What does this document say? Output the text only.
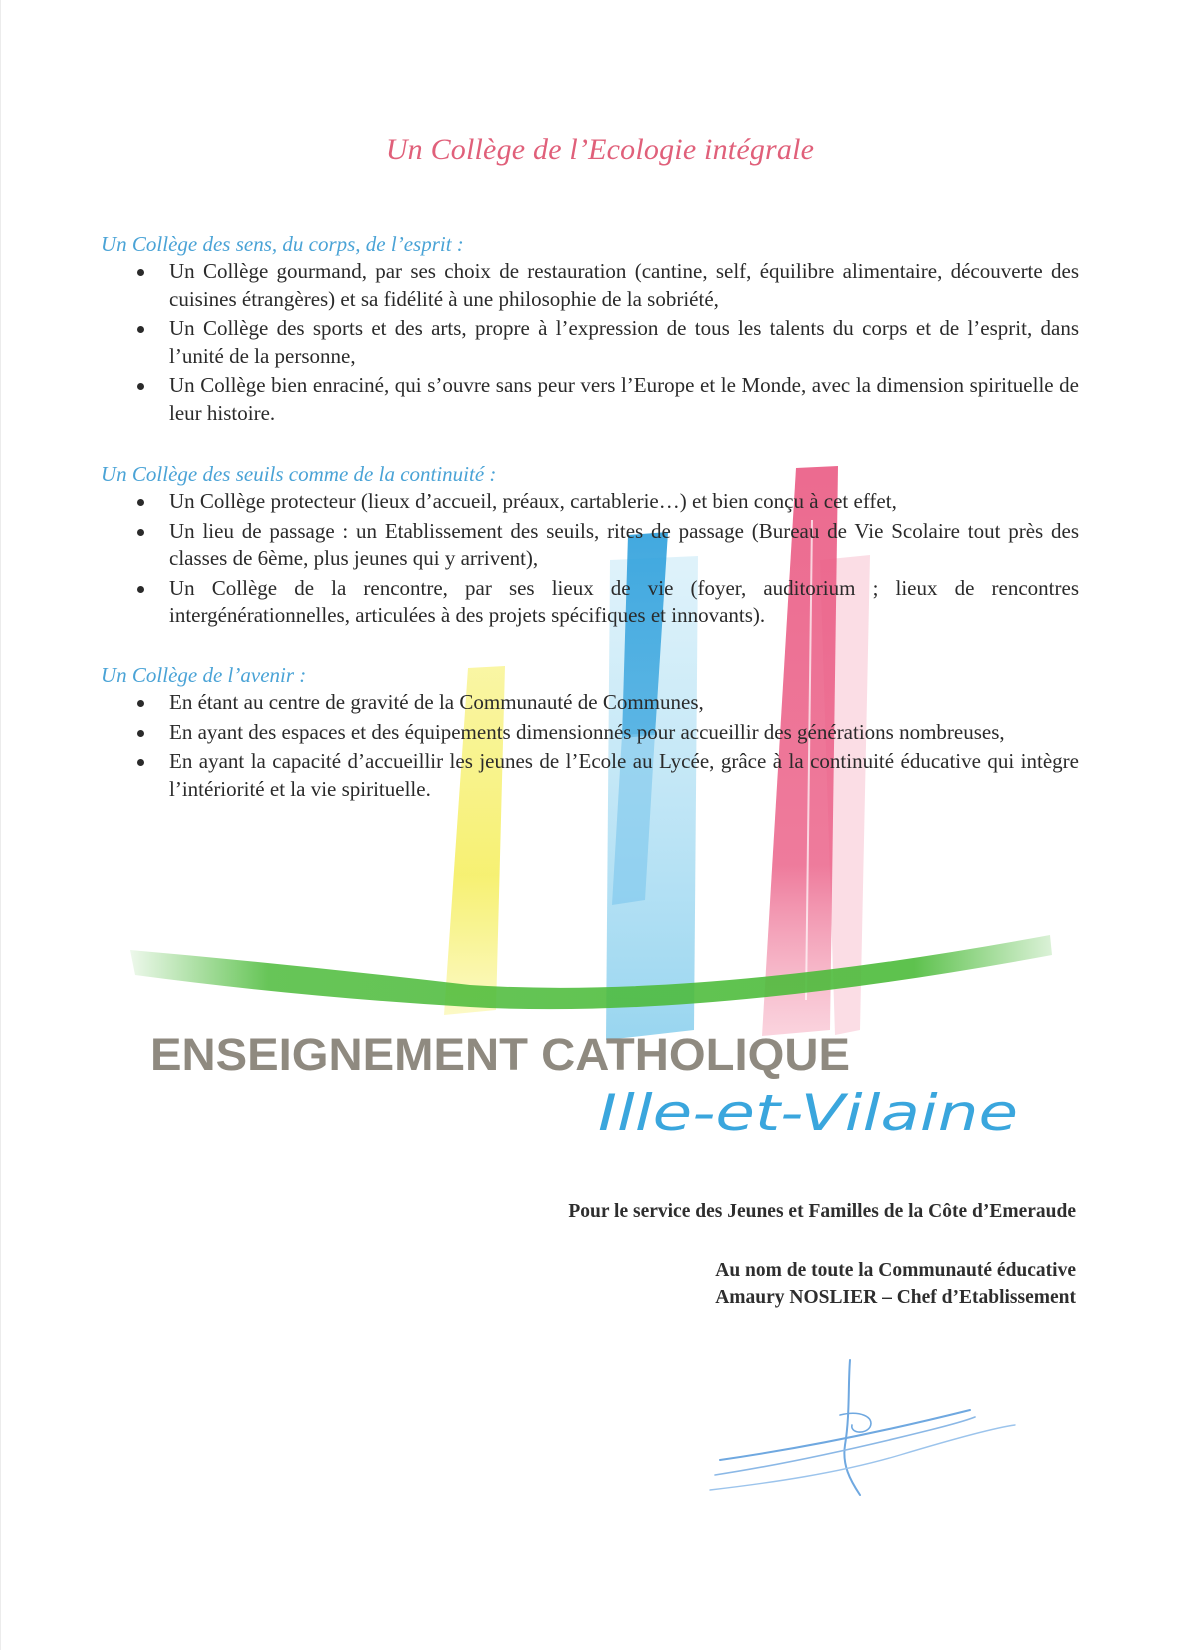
ENSEIGNEMENT CATHOLIQUE
Ille-et-Vilaine
Un Collège de l’Ecologie intégrale

Un Collège des sens, du corps, de l’esprit :

Un Collège gourmand, par ses choix de restauration (cantine, self, équilibre alimentaire, découverte des cuisines étrangères) et sa fidélité à une philosophie de la sobriété,
Un Collège des sports et des arts, propre à l’expression de tous les talents du corps et de l’esprit, dans l’unité de la personne,
Un Collège bien enraciné, qui s’ouvre sans peur vers l’Europe et le Monde, avec la dimension spirituelle de leur histoire.

Un Collège des seuils comme de la continuité :

Un Collège protecteur (lieux d’accueil, préaux, cartablerie…) et bien conçu à cet effet,
Un lieu de passage : un Etablissement des seuils, rites de passage (Bureau de Vie Scolaire tout près des classes de 6ème, plus jeunes qui y arrivent),
Un Collège de la rencontre, par ses lieux de vie (foyer, auditorium ; lieux de rencontres intergénérationnelles, articulées à des projets spécifiques et innovants).

Un Collège de l’avenir :

En étant au centre de gravité de la Communauté de Communes,
En ayant des espaces et des équipements dimensionnés pour accueillir des générations nombreuses,
En ayant la capacité d’accueillir les jeunes de l’Ecole au Lycée, grâce à la continuité éducative qui intègre l’intériorité et la vie spirituelle.
Pour le service des Jeunes et Familles de la Côte d’Emeraude
Au nom de toute la Communauté éducative
Amaury NOSLIER – Chef d’Etablissement
